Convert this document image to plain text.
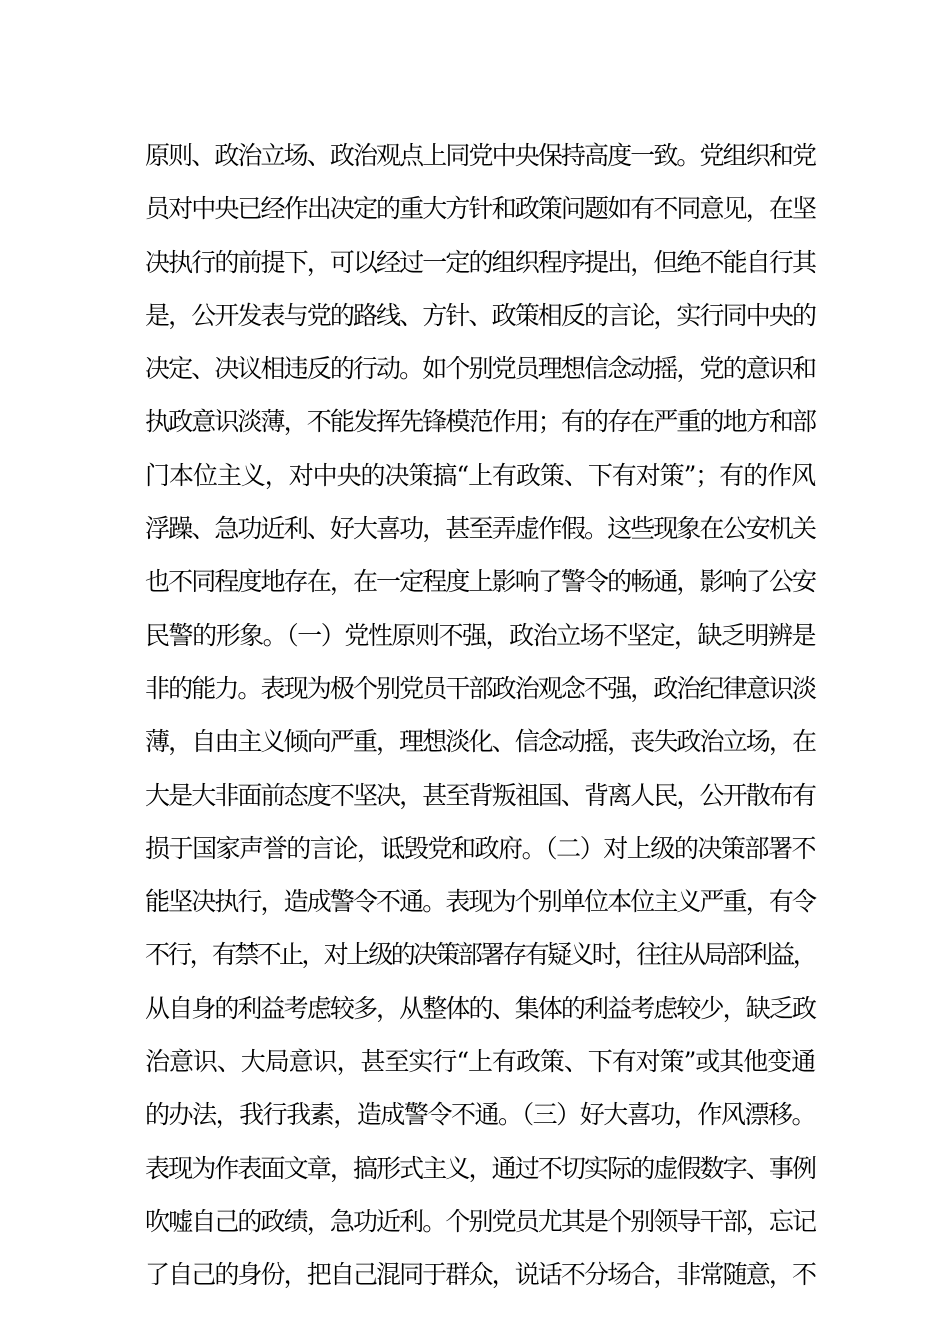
原则、政治立场、政治观点上同党中央保持高度一致。党组织和党
员对中央已经作出决定的重大方针和政策问题如有不同意见，在坚
决执行的前提下，可以经过一定的组织程序提出，但绝不能自行其
是，公开发表与党的路线、方针、政策相反的言论，实行同中央的
决定、决议相违反的行动。如个别党员理想信念动摇，党的意识和
执政意识淡薄，不能发挥先锋模范作用；有的存在严重的地方和部
门本位主义，对中央的决策搞“上有政策、下有对策”；有的作风
浮躁、急功近利、好大喜功，甚至弄虚作假。这些现象在公安机关
也不同程度地存在，在一定程度上影响了警令的畅通，影响了公安
民警的形象。（一）党性原则不强，政治立场不坚定，缺乏明辨是
非的能力。表现为极个别党员干部政治观念不强，政治纪律意识淡
薄，自由主义倾向严重，理想淡化、信念动摇，丧失政治立场，在
大是大非面前态度不坚决，甚至背叛祖国、背离人民，公开散布有
损于国家声誉的言论，诋毁党和政府。（二）对上级的决策部署不
能坚决执行，造成警令不通。表现为个别单位本位主义严重，有令
不行，有禁不止，对上级的决策部署存有疑义时，往往从局部利益，
从自身的利益考虑较多，从整体的、集体的利益考虑较少，缺乏政
治意识、大局意识，甚至实行“上有政策、下有对策”或其他变通
的办法，我行我素，造成警令不通。（三）好大喜功，作风漂移。
表现为作表面文章，搞形式主义，通过不切实际的虚假数字、事例
吹嘘自己的政绩，急功近利。个别党员尤其是个别领导干部，忘记
了自己的身份，把自己混同于群众，说话不分场合，非常随意，不
